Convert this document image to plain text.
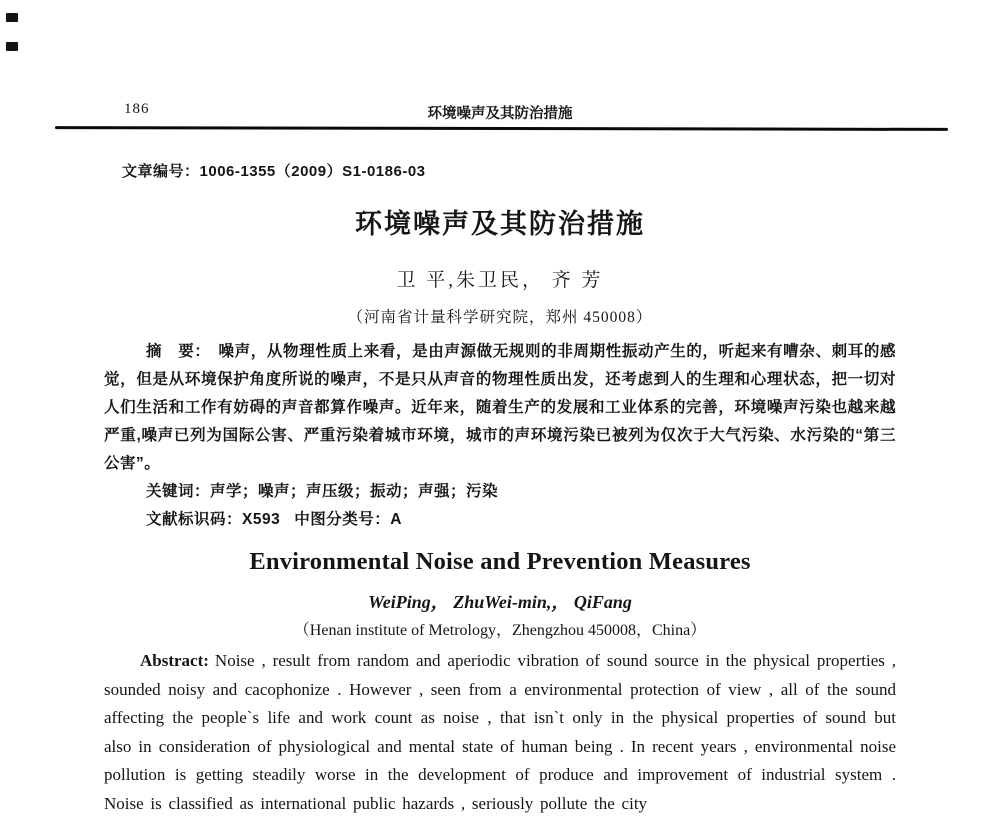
186	环境噪声及其防治措施
文章编号：1006-1355（2009）S1-0186-03
环境噪声及其防治措施
卫 平,朱卫民， 齐 芳
（河南省计量科学研究院，郑州 450008）

摘　要： 噪声，从物理性质上来看，是由声源做无规则的非周期性振动产生的，听起来有嘈杂、刺耳的感觉，但是从环境保护角度所说的噪声，不是只从声音的物理性质出发，还考虑到人的生理和心理状态，把一切对人们生活和工作有妨碍的声音都算作噪声。近年来，随着生产的发展和工业体系的完善，环境噪声污染也越来越严重,噪声已列为国际公害、严重污染着城市环境，城市的声环境污染已被列为仅次于大气污染、水污染的“第三公害”。

关键词：声学；噪声；声压级；振动；声强；污染

文献标识码：X593 中图分类号：A

Environmental Noise and Prevention Measures
WeiPing， ZhuWei-min,， QiFang
（Henan institute of Metrology，Zhengzhou 450008，China）

Abstract: Noise , result from random and aperiodic vibration of sound source in the physical properties , sounded noisy and cacophonize . However , seen from a environmental protection of view , all of the sound affecting the people`s life and work count as noise , that isn`t only in the physical properties of sound but also in consideration of physiological and mental state of human being . In recent years , environmental noise pollution is getting steadily worse in the development of produce and improvement of industrial system . Noise is classified as international public hazards , seriously pollute the city
